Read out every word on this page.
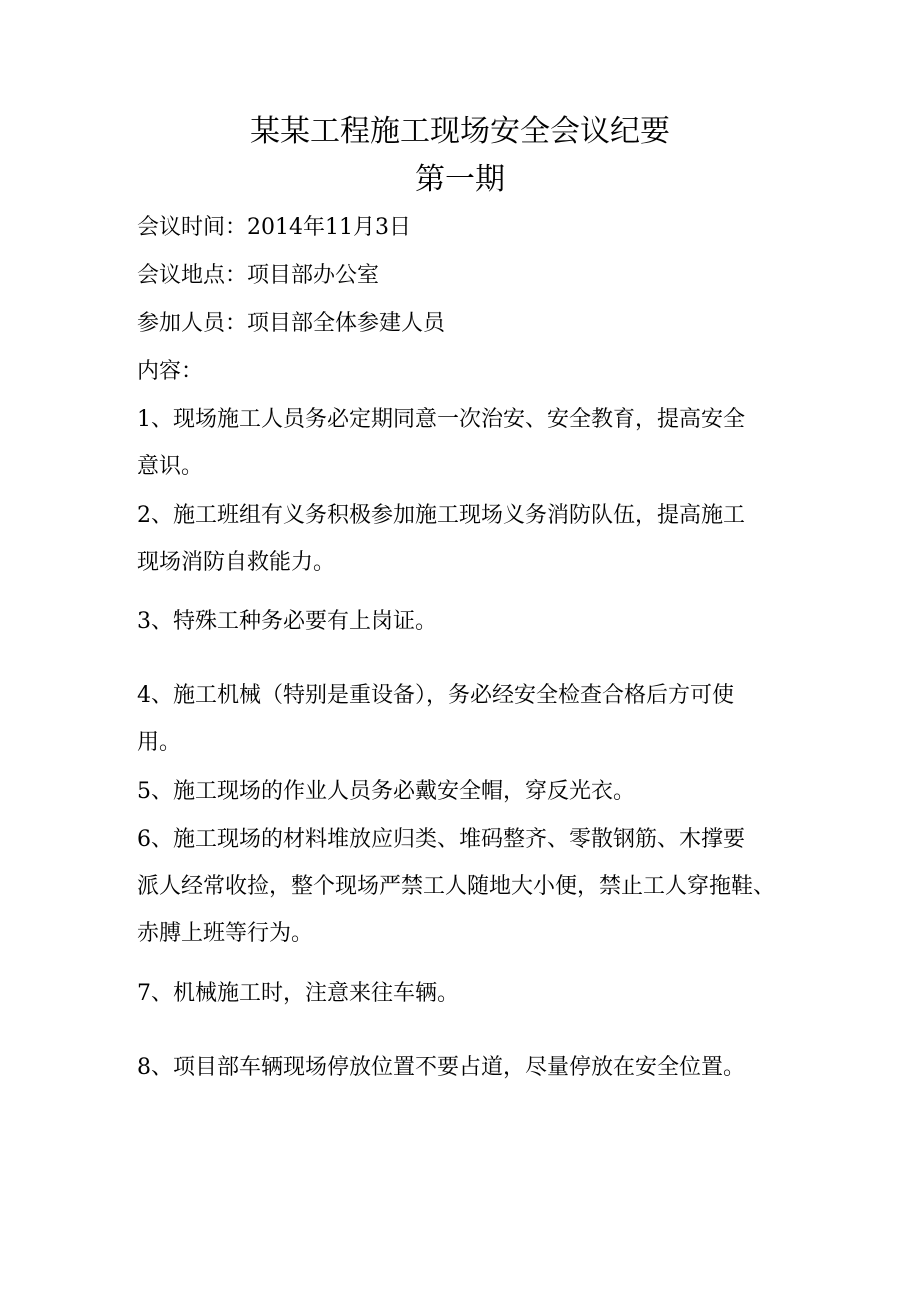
某某工程施工现场安全会议纪要
第一期
会议时间：2014年11月3日
会议地点：项目部办公室
参加人员：项目部全体参建人员
内容：
1、现场施工人员务必定期同意一次治安、安全教育，提高安全
意识。
2、施工班组有义务积极参加施工现场义务消防队伍，提高施工
现场消防自救能力。
3、特殊工种务必要有上岗证。
4、施工机械（特别是重设备），务必经安全检查合格后方可使
用。
5、施工现场的作业人员务必戴安全帽，穿反光衣。
6、施工现场的材料堆放应归类、堆码整齐、零散钢筋、木撑要
派人经常收捡，整个现场严禁工人随地大小便，禁止工人穿拖鞋、
赤膊上班等行为。
7、机械施工时，注意来往车辆。
8、项目部车辆现场停放位置不要占道，尽量停放在安全位置。
